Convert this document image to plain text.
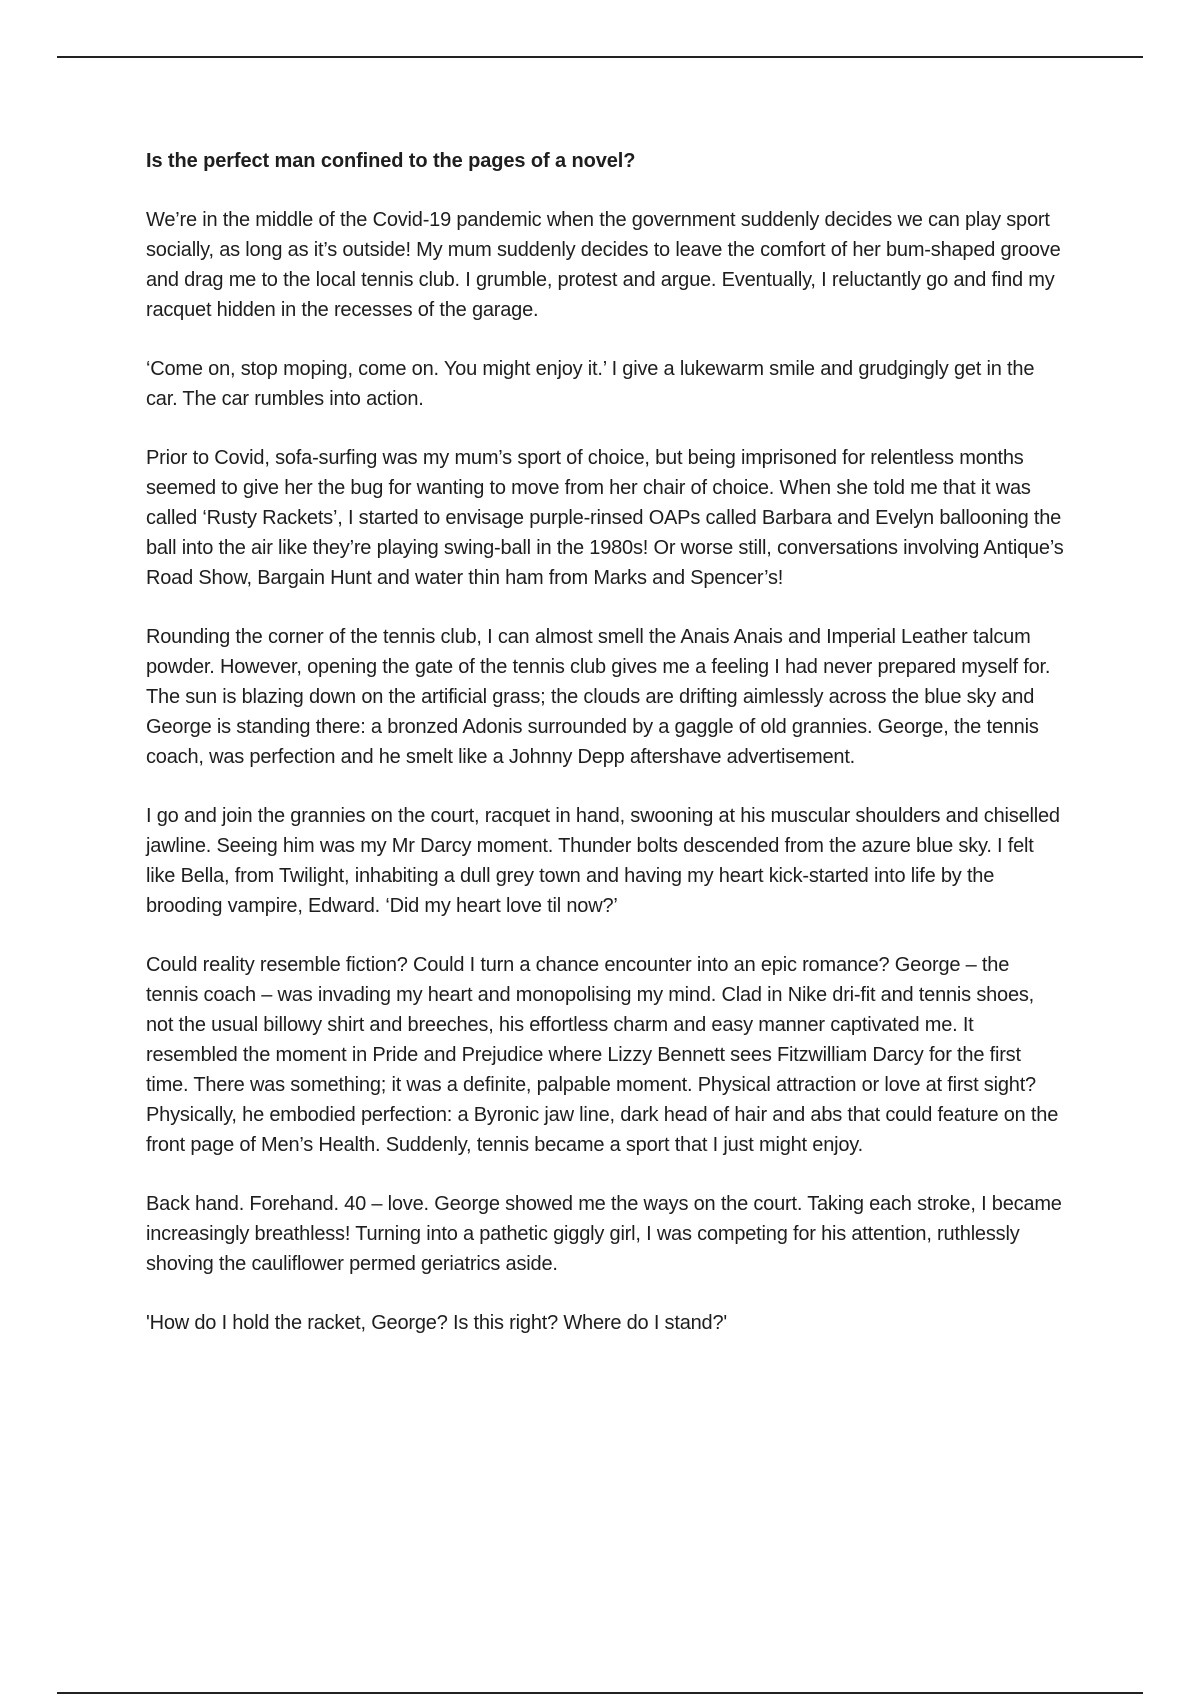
Is the perfect man confined to the pages of a novel?

We’re in the middle of the Covid-19 pandemic when the government suddenly decides we can play sport socially, as long as it’s outside! My mum suddenly decides to leave the comfort of her bum-shaped groove and drag me to the local tennis club. I grumble, protest and argue. Eventually, I reluctantly go and find my racquet hidden in the recesses of the garage.

‘Come on, stop moping, come on. You might enjoy it.’ I give a lukewarm smile and grudgingly get in the car. The car rumbles into action.

Prior to Covid, sofa-surfing was my mum’s sport of choice, but being imprisoned for relentless months seemed to give her the bug for wanting to move from her chair of choice. When she told me that it was called ‘Rusty Rackets’, I started to envisage purple-rinsed OAPs called Barbara and Evelyn ballooning the ball into the air like they’re playing swing-ball in the 1980s! Or worse still, conversations involving Antique’s Road Show, Bargain Hunt and water thin ham from Marks and Spencer’s!

Rounding the corner of the tennis club, I can almost smell the Anais Anais and Imperial Leather talcum powder. However, opening the gate of the tennis club gives me a feeling I had never prepared myself for. The sun is blazing down on the artificial grass; the clouds are drifting aimlessly across the blue sky and George is standing there: a bronzed Adonis surrounded by a gaggle of old grannies. George, the tennis coach, was perfection and he smelt like a Johnny Depp aftershave advertisement.

I go and join the grannies on the court, racquet in hand, swooning at his muscular shoulders and chiselled jawline. Seeing him was my Mr Darcy moment. Thunder bolts descended from the azure blue sky. I felt like Bella, from Twilight, inhabiting a dull grey town and having my heart kick-started into life by the brooding vampire, Edward. ‘Did my heart love til now?’

Could reality resemble fiction? Could I turn a chance encounter into an epic romance? George – the tennis coach – was invading my heart and monopolising my mind. Clad in Nike dri-fit and tennis shoes, not the usual billowy shirt and breeches, his effortless charm and easy manner captivated me. It resembled the moment in Pride and Prejudice where Lizzy Bennett sees Fitzwilliam Darcy for the first time. There was something; it was a definite, palpable moment. Physical attraction or love at first sight? Physically, he embodied perfection: a Byronic jaw line, dark head of hair and abs that could feature on the front page of Men’s Health. Suddenly, tennis became a sport that I just might enjoy.

Back hand. Forehand. 40 – love. George showed me the ways on the court. Taking each stroke, I became increasingly breathless! Turning into a pathetic giggly girl, I was competing for his attention, ruthlessly shoving the cauliflower permed geriatrics aside.

'How do I hold the racket, George? Is this right? Where do I stand?'
